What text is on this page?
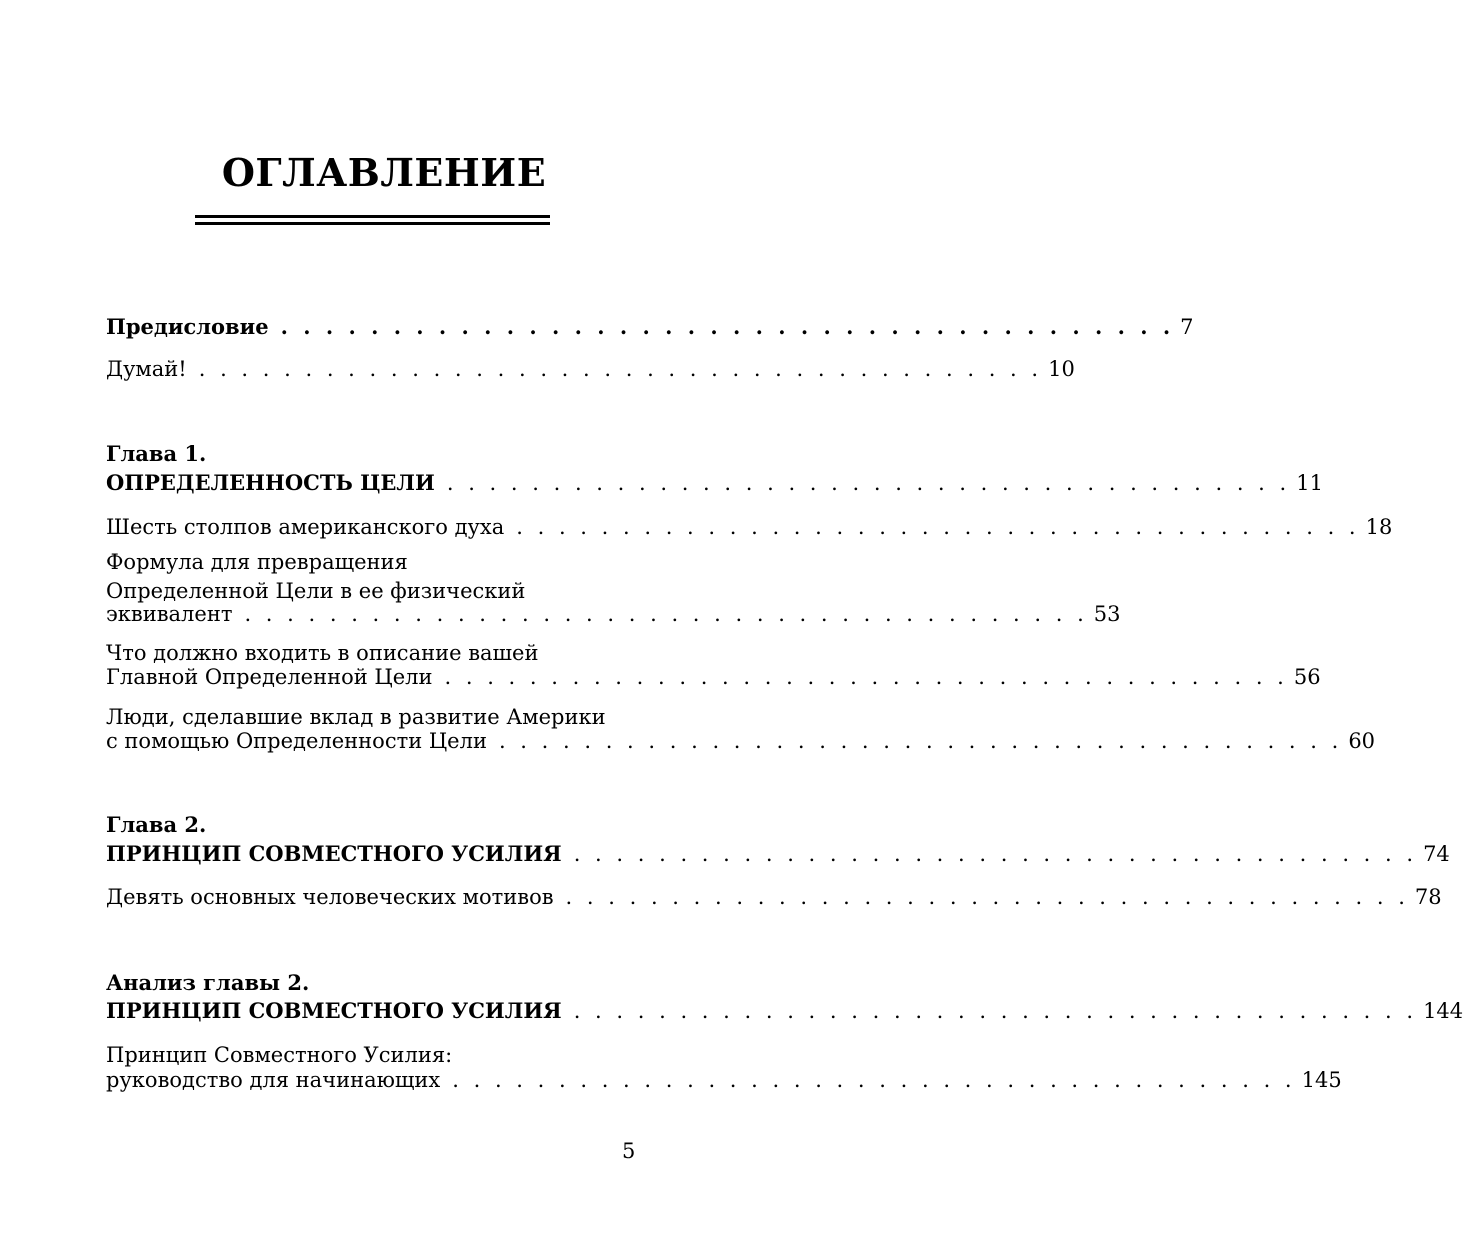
ОГЛАВЛЕНИЕ
Предисловие . . . . . . . . . . . . . . . . . . . . . . . . . . . . . . . . . . . . . . . . 7
Думай! . . . . . . . . . . . . . . . . . . . . . . . . . . . . . . . . . . . . . . . . 10
Глава 1.
ОПРЕДЕЛЕННОСТЬ ЦЕЛИ . . . . . . . . . . . . . . . . . . . . . . . . . . . . . . . . . . . . . . . . 11
Шесть столпов американского духа . . . . . . . . . . . . . . . . . . . . . . . . . . . . . . . . . . . . . . . . 18
Формула для превращения
Определенной Цели в ее физический
эквивалент . . . . . . . . . . . . . . . . . . . . . . . . . . . . . . . . . . . . . . . . 53
Что должно входить в описание вашей
Главной Определенной Цели . . . . . . . . . . . . . . . . . . . . . . . . . . . . . . . . . . . . . . . . 56
Люди, сделавшие вклад в развитие Америки
с помощью Определенности Цели . . . . . . . . . . . . . . . . . . . . . . . . . . . . . . . . . . . . . . . . 60
Глава 2.
ПРИНЦИП СОВМЕСТНОГО УСИЛИЯ . . . . . . . . . . . . . . . . . . . . . . . . . . . . . . . . . . . . . . . . 74
Девять основных человеческих мотивов . . . . . . . . . . . . . . . . . . . . . . . . . . . . . . . . . . . . . . . . 78
Анализ главы 2.
ПРИНЦИП СОВМЕСТНОГО УСИЛИЯ . . . . . . . . . . . . . . . . . . . . . . . . . . . . . . . . . . . . . . . . 144
Принцип Совместного Усилия:
руководство для начинающих . . . . . . . . . . . . . . . . . . . . . . . . . . . . . . . . . . . . . . . . 145
5
